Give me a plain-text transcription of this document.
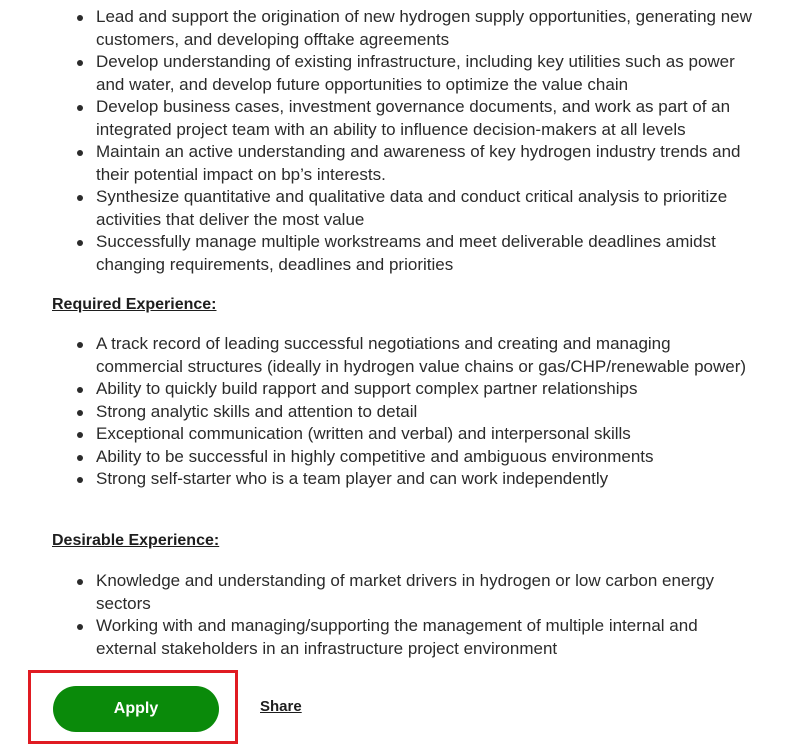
Lead and support the origination of new hydrogen supply opportunities, generating new customers, and developing offtake agreements
Develop understanding of existing infrastructure, including key utilities such as power and water, and develop future opportunities to optimize the value chain
Develop business cases, investment governance documents, and work as part of an integrated project team with an ability to influence decision-makers at all levels
Maintain an active understanding and awareness of key hydrogen industry trends and their potential impact on bp’s interests.
Synthesize quantitative and qualitative data and conduct critical analysis to prioritize activities that deliver the most value
Successfully manage multiple workstreams and meet deliverable deadlines amidst changing requirements, deadlines and priorities
Required Experience:
A track record of leading successful negotiations and creating and managing commercial structures (ideally in hydrogen value chains or gas/CHP/renewable power)
Ability to quickly build rapport and support complex partner relationships
Strong analytic skills and attention to detail
Exceptional communication (written and verbal) and interpersonal skills
Ability to be successful in highly competitive and ambiguous environments
Strong self-starter who is a team player and can work independently
Desirable Experience:
Knowledge and understanding of market drivers in hydrogen or low carbon energy sectors
Working with and managing/supporting the management of multiple internal and external stakeholders in an infrastructure project environment
Apply	Share
